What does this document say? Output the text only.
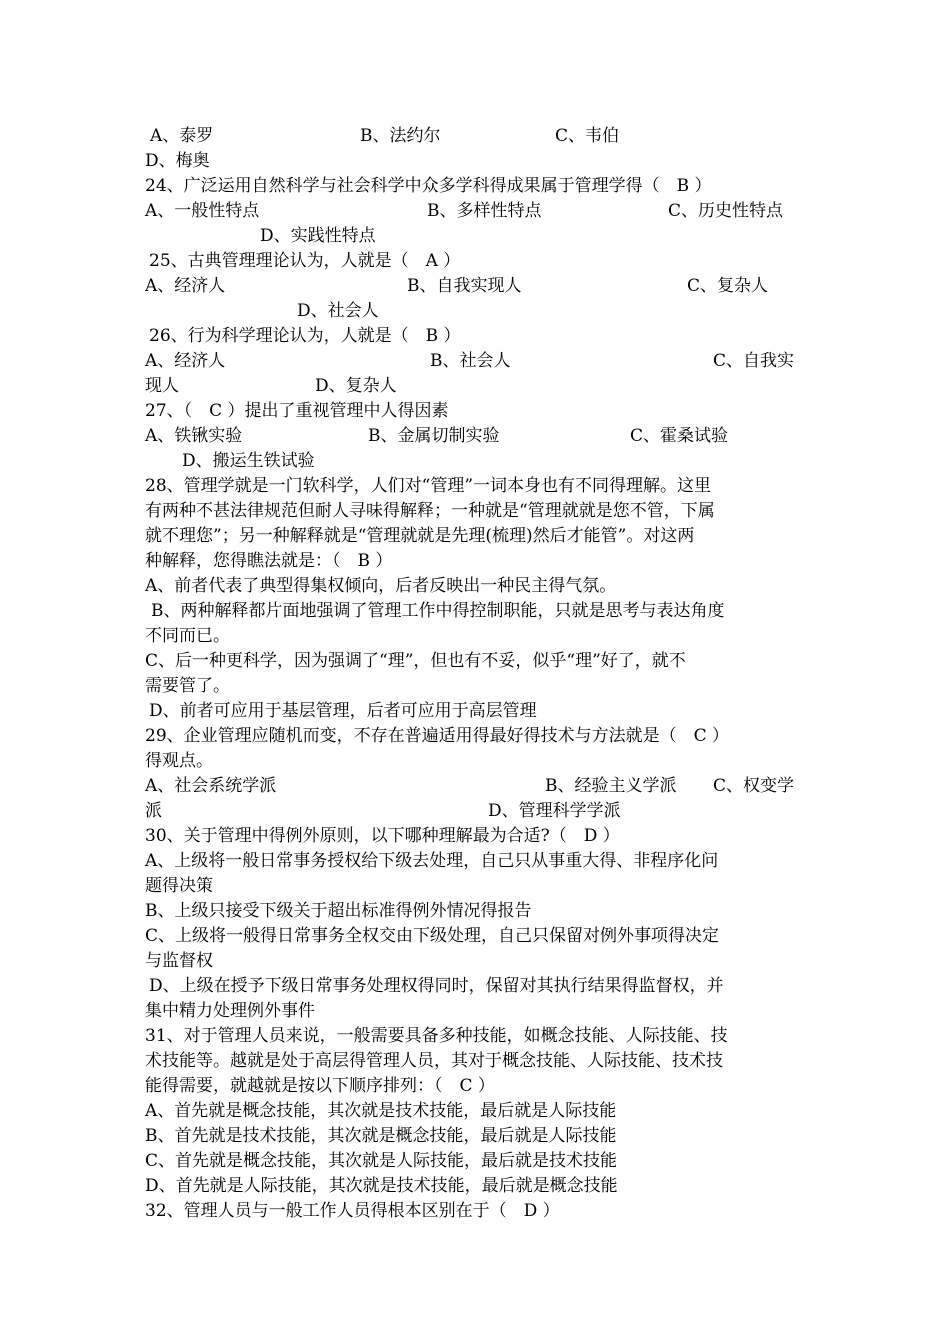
A、泰罗	B、法约尔	C、韦伯
D、梅奥
24、广泛运用自然科学与社会科学中众多学科得成果属于管理学得（　B ）
A、一般性特点	B、多样性特点	C、历史性特点
D、实践性特点
25、古典管理理论认为，人就是（　A ）
A、经济人	B、自我实现人	C、复杂人
D、社会人
26、行为科学理论认为，人就是（　B ）
A、经济人	B、社会人	C、自我实
现人	D、复杂人
27、（　C ）提出了重视管理中人得因素
A、铁锹实验	B、金属切制实验	C、霍桑试验
D、搬运生铁试验
28、管理学就是一门软科学，人们对“管理”一词本身也有不同得理解。这里
有两种不甚法律规范但耐人寻味得解释；一种就是“管理就就是您不管，下属
就不理您”；另一种解释就是“管理就就是先理(梳理)然后才能管”。对这两
种解释，您得瞧法就是：（　B ）
A、前者代表了典型得集权倾向，后者反映出一种民主得气氛。
B、两种解释都片面地强调了管理工作中得控制职能，只就是思考与表达角度
不同而已。
C、后一种更科学，因为强调了“理”，但也有不妥，似乎“理”好了，就不
需要管了。
D、前者可应用于基层管理，后者可应用于高层管理
29、企业管理应随机而变，不存在普遍适用得最好得技术与方法就是（　C ）
得观点。
A、社会系统学派	B、经验主义学派 C、权变学
派	D、管理科学学派
30、关于管理中得例外原则，以下哪种理解最为合适?（　D ）
A、上级将一般日常事务授权给下级去处理，自己只从事重大得、非程序化问
题得决策
B、上级只接受下级关于超出标准得例外情况得报告
C、上级将一般得日常事务全权交由下级处理，自己只保留对例外事项得决定
与监督权
D、上级在授予下级日常事务处理权得同时，保留对其执行结果得监督权，并
集中精力处理例外事件
31、对于管理人员来说，一般需要具备多种技能，如概念技能、人际技能、技
术技能等。越就是处于高层得管理人员，其对于概念技能、人际技能、技术技
能得需要，就越就是按以下顺序排列：（　C ）
A、首先就是概念技能，其次就是技术技能，最后就是人际技能
B、首先就是技术技能，其次就是概念技能，最后就是人际技能
C、首先就是概念技能，其次就是人际技能，最后就是技术技能
D、首先就是人际技能，其次就是技术技能，最后就是概念技能
32、管理人员与一般工作人员得根本区别在于（　D ）
